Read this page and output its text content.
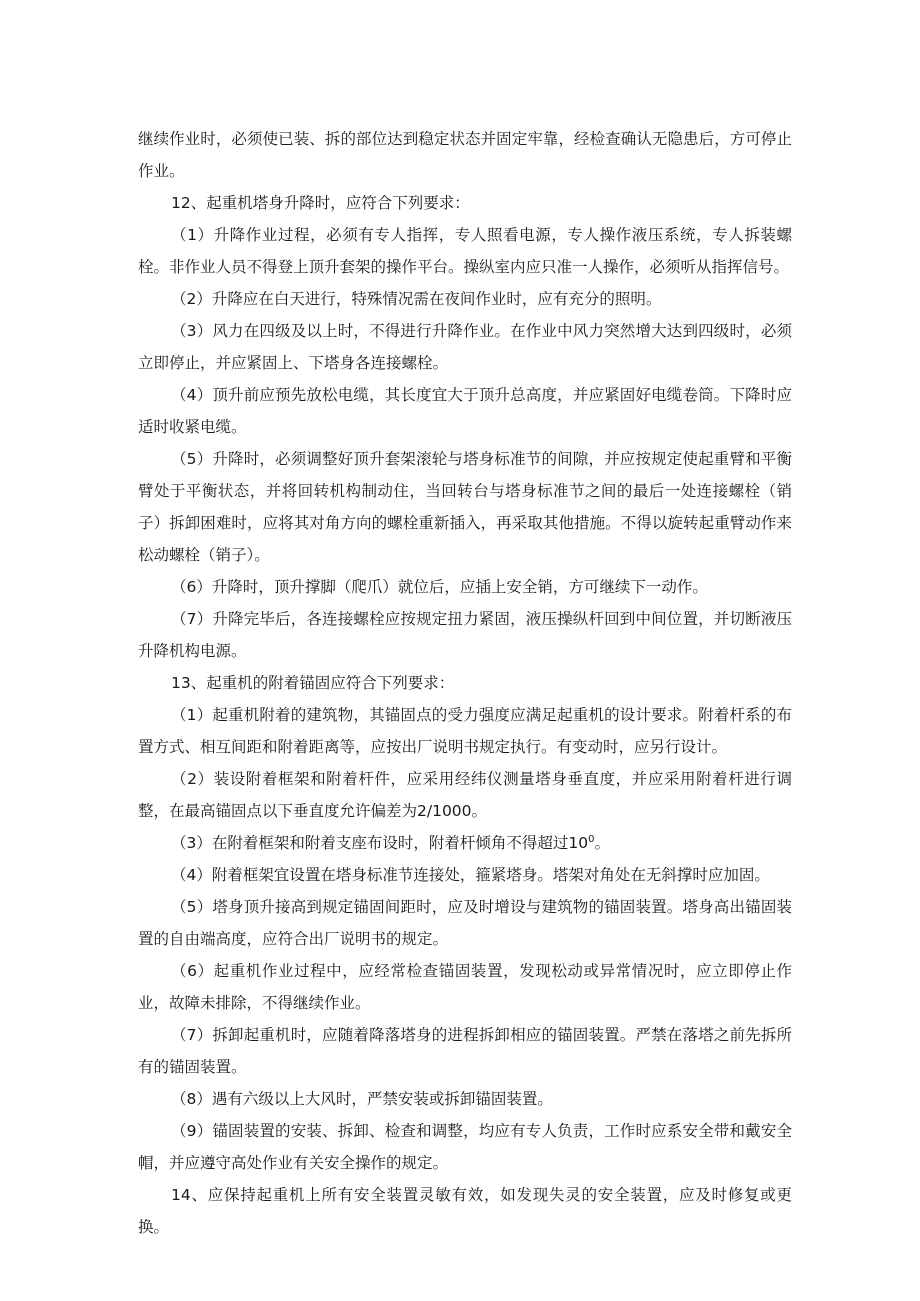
继续作业时，必须使已装、拆的部位达到稳定状态并固定牢靠，经检查确认无隐患后，方可停止作业。

12、起重机塔身升降时，应符合下列要求：

（1）升降作业过程，必须有专人指挥，专人照看电源，专人操作液压系统，专人拆装螺栓。非作业人员不得登上顶升套架的操作平台。操纵室内应只准一人操作，必须听从指挥信号。

（2）升降应在白天进行，特殊情况需在夜间作业时，应有充分的照明。

（3）风力在四级及以上时，不得进行升降作业。在作业中风力突然增大达到四级时，必须立即停止，并应紧固上、下塔身各连接螺栓。

（4）顶升前应预先放松电缆，其长度宜大于顶升总高度，并应紧固好电缆卷筒。下降时应适时收紧电缆。

（5）升降时，必须调整好顶升套架滚轮与塔身标准节的间隙，并应按规定使起重臂和平衡臂处于平衡状态，并将回转机构制动住，当回转台与塔身标准节之间的最后一处连接螺栓（销子）拆卸困难时，应将其对角方向的螺栓重新插入，再采取其他措施。不得以旋转起重臂动作来松动螺栓（销子）。

（6）升降时，顶升撑脚（爬爪）就位后，应插上安全销，方可继续下一动作。

（7）升降完毕后，各连接螺栓应按规定扭力紧固，液压操纵杆回到中间位置，并切断液压升降机构电源。

13、起重机的附着锚固应符合下列要求：

（1）起重机附着的建筑物，其锚固点的受力强度应满足起重机的设计要求。附着杆系的布置方式、相互间距和附着距离等，应按出厂说明书规定执行。有变动时，应另行设计。

（2）装设附着框架和附着杆件，应采用经纬仪测量塔身垂直度，并应采用附着杆进行调整，在最高锚固点以下垂直度允许偏差为2/1000。

（3）在附着框架和附着支座布设时，附着杆倾角不得超过$10^0$。

（4）附着框架宜设置在塔身标准节连接处，箍紧塔身。塔架对角处在无斜撑时应加固。

（5）塔身顶升接高到规定锚固间距时，应及时增设与建筑物的锚固装置。塔身高出锚固装置的自由端高度，应符合出厂说明书的规定。

（6）起重机作业过程中，应经常检查锚固装置，发现松动或异常情况时，应立即停止作业，故障未排除，不得继续作业。

（7）拆卸起重机时，应随着降落塔身的进程拆卸相应的锚固装置。严禁在落塔之前先拆所有的锚固装置。

（8）遇有六级以上大风时，严禁安装或拆卸锚固装置。

（9）锚固装置的安装、拆卸、检查和调整，均应有专人负责，工作时应系安全带和戴安全帽，并应遵守高处作业有关安全操作的规定。

14、应保持起重机上所有安全装置灵敏有效，如发现失灵的安全装置，应及时修复或更换。
